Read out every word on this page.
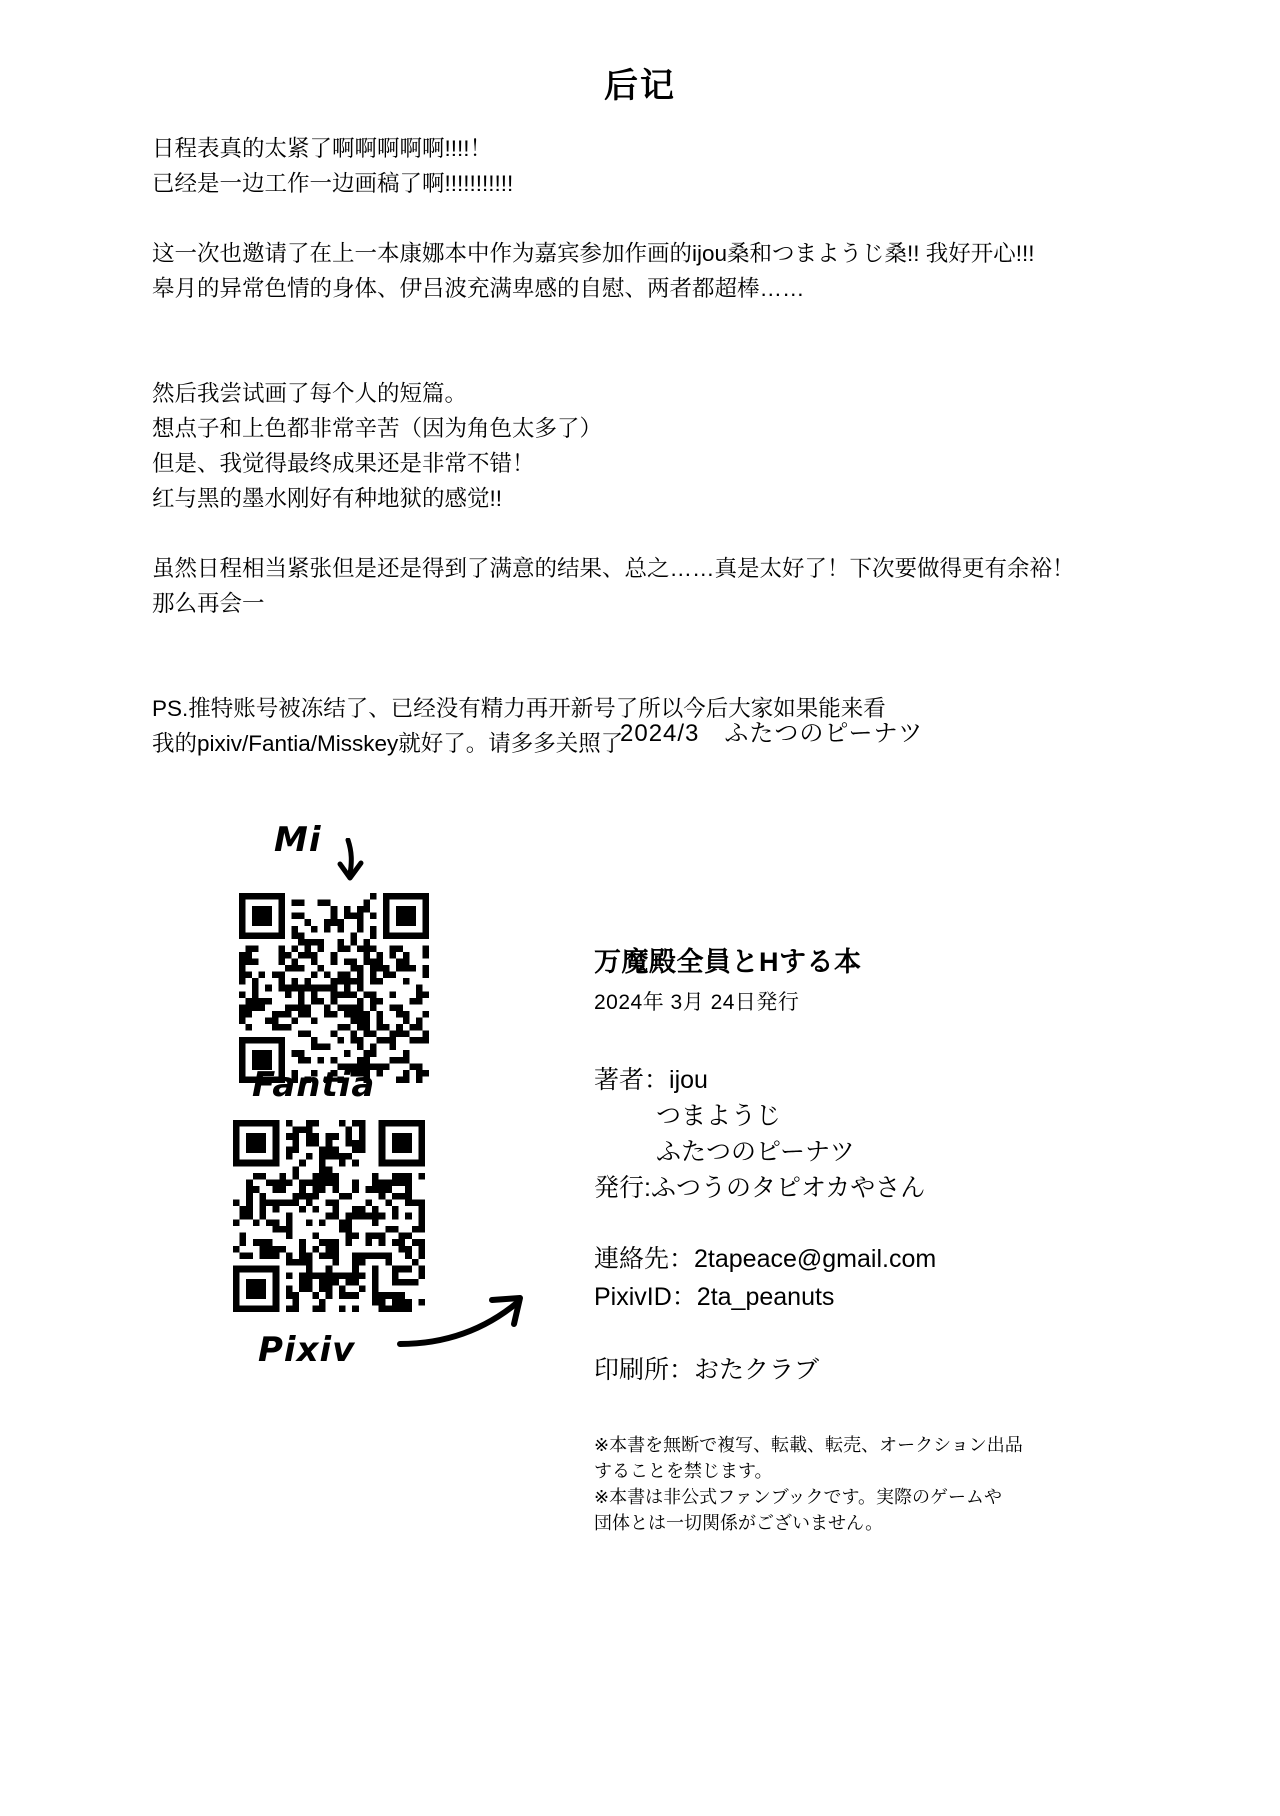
后记

日程表真的太紧了啊啊啊啊啊!!!!！

已经是一边工作一边画稿了啊!!!!!!!!!!!

这一次也邀请了在上一本康娜本中作为嘉宾参加作画的ijou桑和つまようじ桑!! 我好开心!!!

皋月的异常色情的身体、伊吕波充满卑感的自慰、两者都超棒……

然后我尝试画了每个人的短篇。

想点子和上色都非常辛苦（因为角色太多了）

但是、我觉得最终成果还是非常不错！

红与黑的墨水刚好有种地狱的感觉!!

虽然日程相当紧张但是还是得到了满意的结果、总之……真是太好了！下次要做得更有余裕！

那么再会一

PS.推特账号被冻结了、已经没有精力再开新号了所以今后大家如果能来看

我的pixiv/Fantia/Misskey就好了。请多多关照了

2024/3　ふたつのピーナツ
Mi
Fantia
Pixiv
万魔殿全員とHする本
2024年 3月 24日発行
著者：ijou
つまようじ
ふたつのピーナツ
発行:ふつうのタピオカやさん
連絡先：2tapeace@gmail.com
PixivID：2ta_peanuts
印刷所：おたクラブ
※本書を無断で複写、転載、転売、オークション出品
することを禁じます。
※本書は非公式ファンブックです。実際のゲームや
団体とは一切関係がございません。
